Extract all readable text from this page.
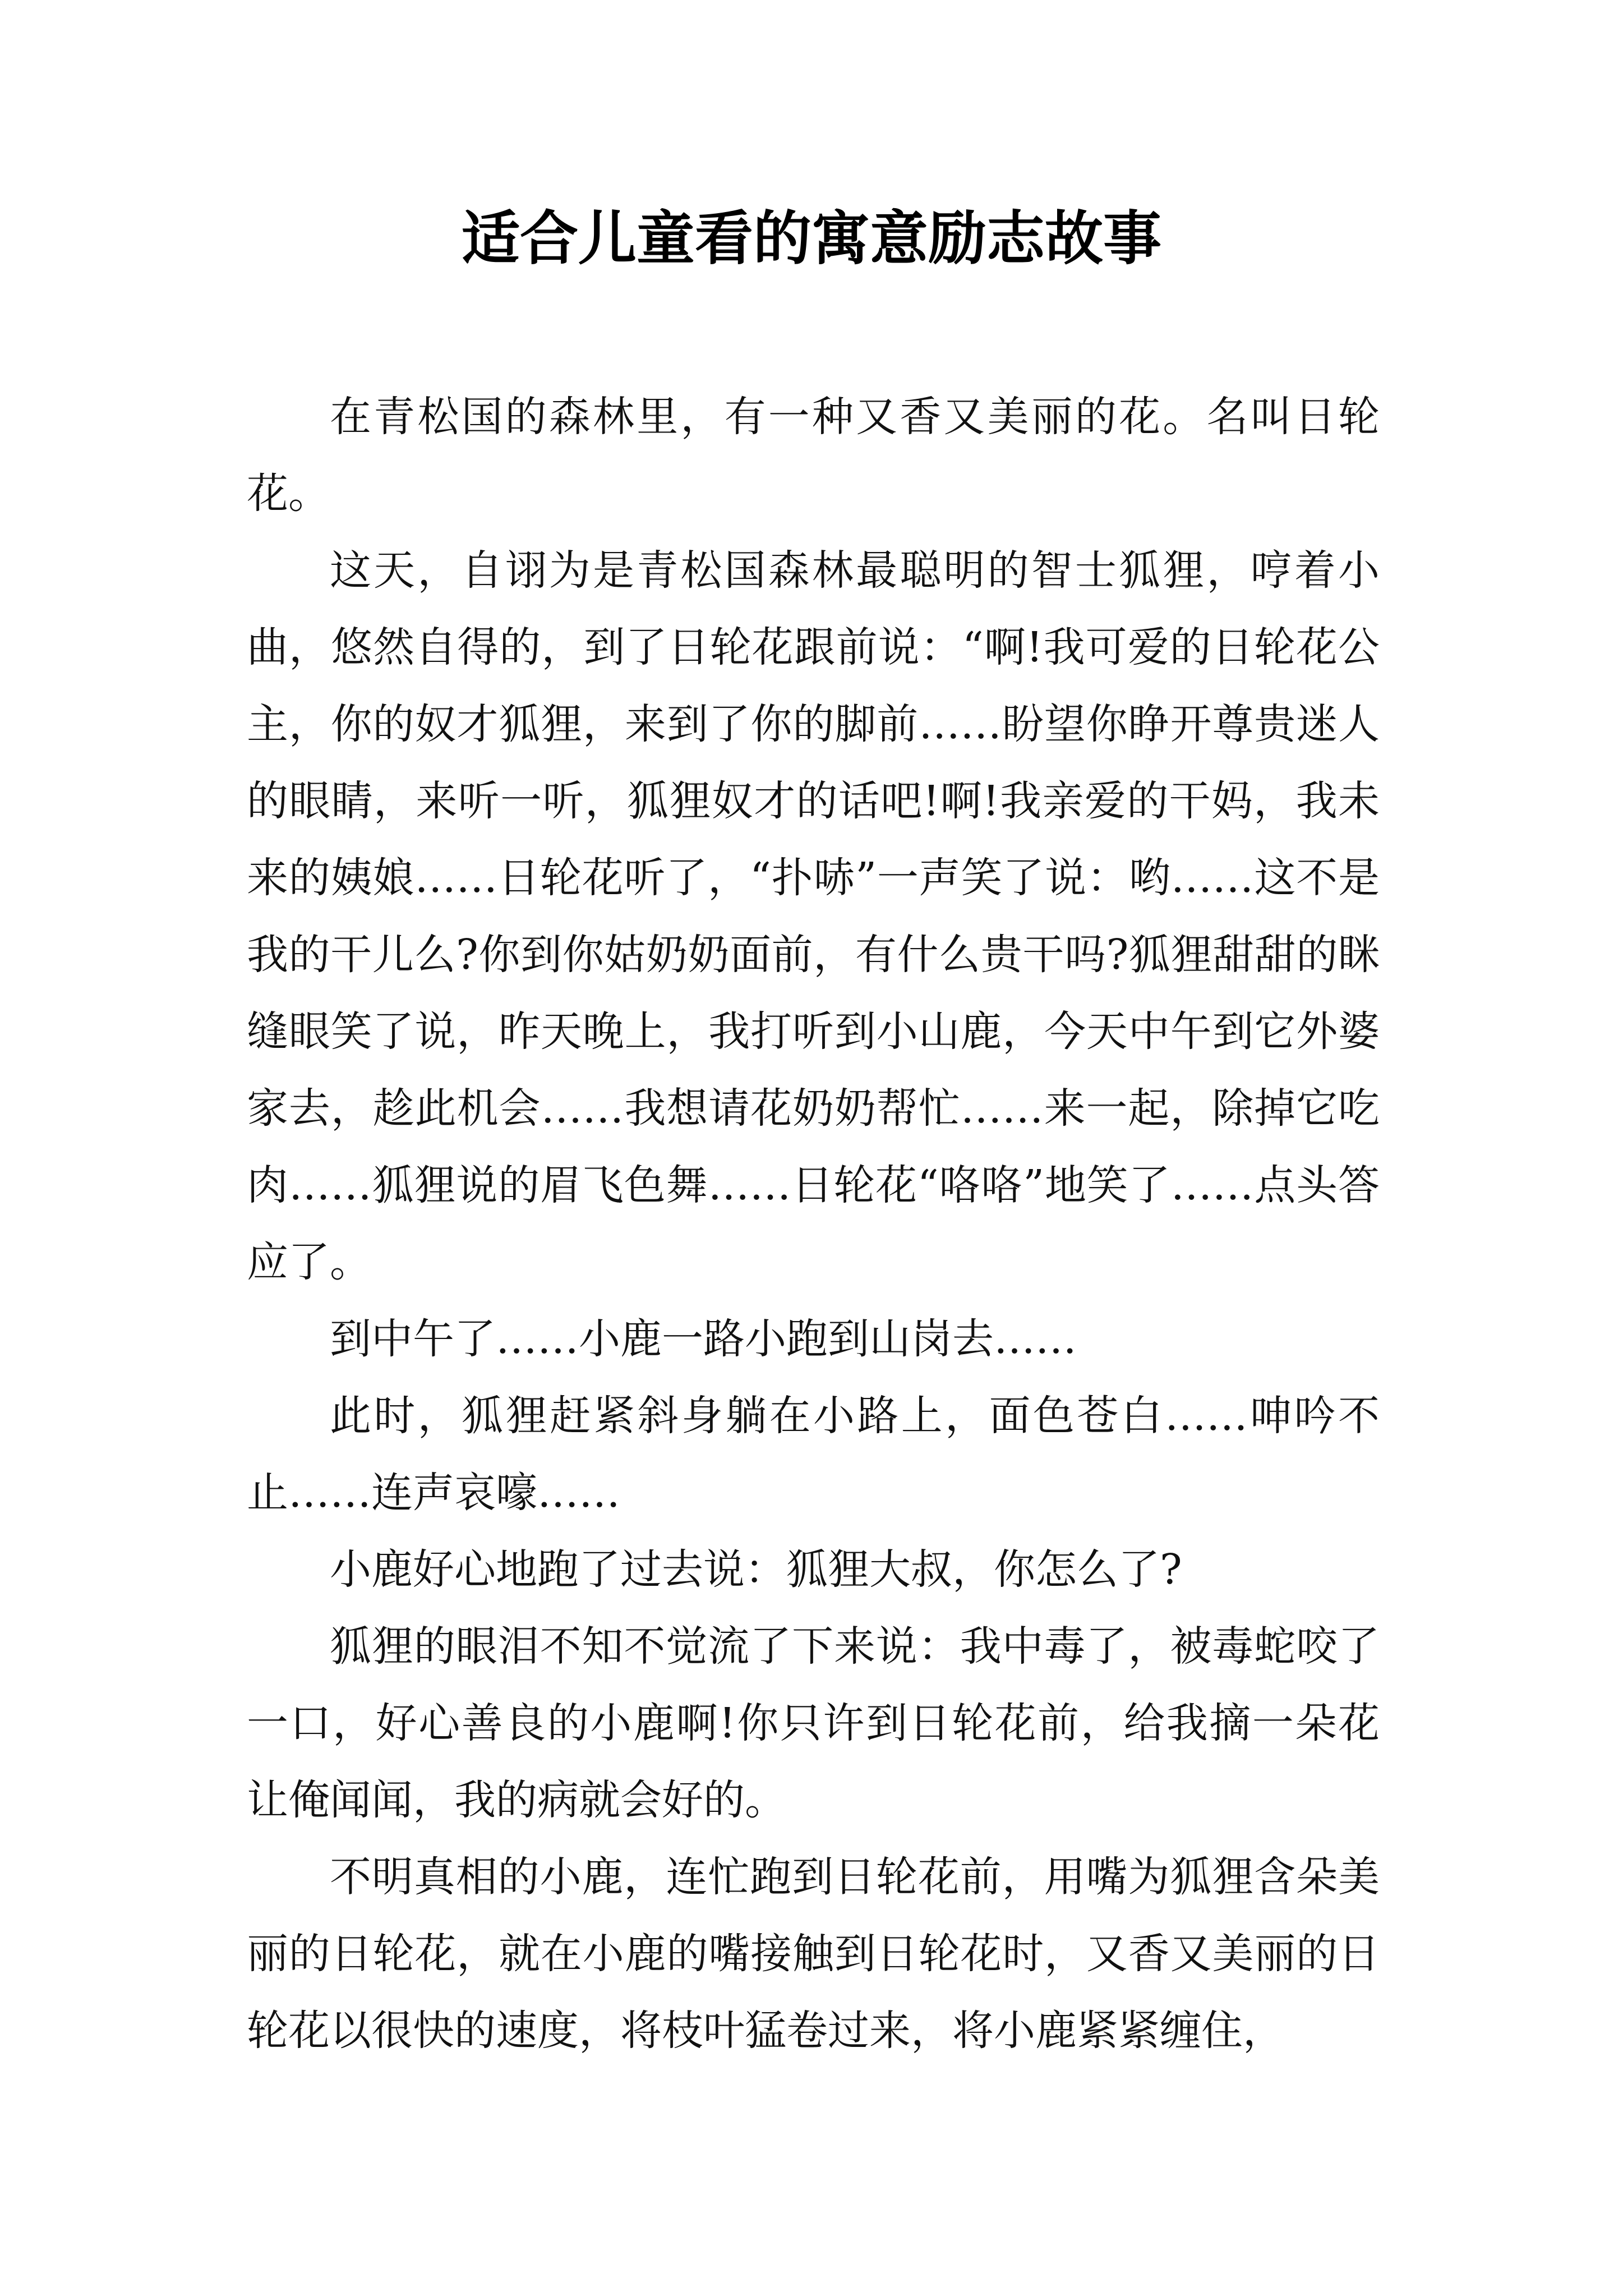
适合儿童看的寓意励志故事

在青松国的森林里，有一种又香又美丽的花。名叫日轮花。

这天，自诩为是青松国森林最聪明的智士狐狸，哼着小曲，悠然自得的，到了日轮花跟前说：“啊!我可爱的日轮花公主，你的奴才狐狸，来到了你的脚前……盼望你睁开尊贵迷人的眼睛，来听一听，狐狸奴才的话吧!啊!我亲爱的干妈，我未来的姨娘……日轮花听了，“扑哧”一声笑了说：哟……这不是我的干儿么?你到你姑奶奶面前，有什么贵干吗?狐狸甜甜的眯缝眼笑了说，昨天晚上，我打听到小山鹿，今天中午到它外婆家去，趁此机会……我想请花奶奶帮忙……来一起，除掉它吃肉……狐狸说的眉飞色舞……日轮花“咯咯”地笑了……点头答应了。

到中午了……小鹿一路小跑到山岗去……

此时，狐狸赶紧斜身躺在小路上，面色苍白……呻吟不止……连声哀嚎……

小鹿好心地跑了过去说：狐狸大叔，你怎么了?

狐狸的眼泪不知不觉流了下来说：我中毒了，被毒蛇咬了一口，好心善良的小鹿啊!你只许到日轮花前，给我摘一朵花让俺闻闻，我的病就会好的。

不明真相的小鹿，连忙跑到日轮花前，用嘴为狐狸含朵美丽的日轮花，就在小鹿的嘴接触到日轮花时，又香又美丽的日轮花以很快的速度，将枝叶猛卷过来，将小鹿紧紧缠住，
